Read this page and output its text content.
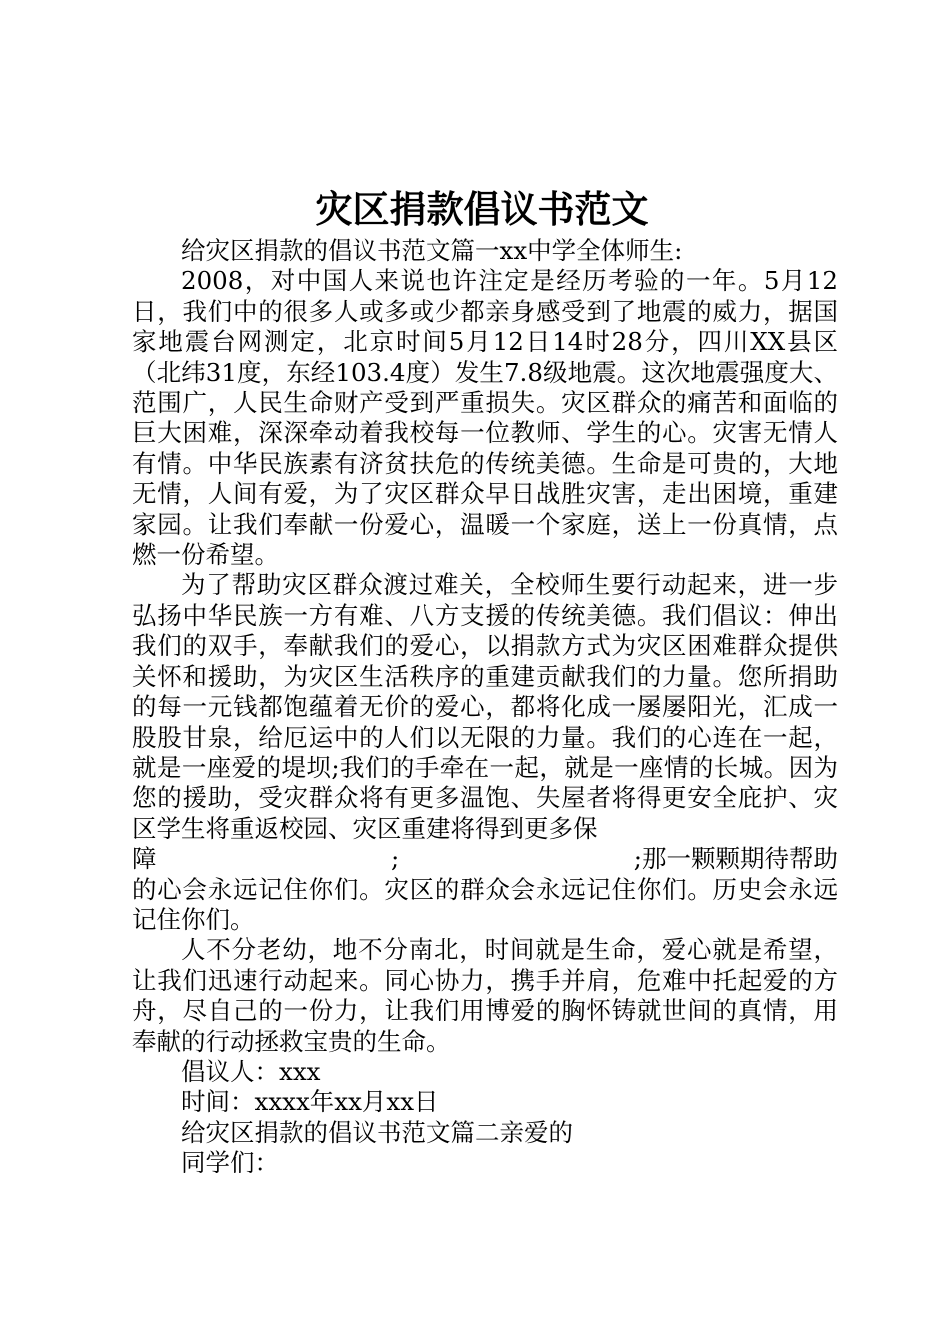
灾区捐款倡议书范文

给灾区捐款的倡议书范文篇一xx中学全体师生:

2008，对中国人来说也许注定是经历考验的一年。5月12日，我们中的很多人或多或少都亲身感受到了地震的威力，据国家地震台网测定，北京时间5月12日14时28分，四川XX县区（北纬31度，东经103.4度）发生7.8级地震。这次地震强度大、范围广，人民生命财产受到严重损失。灾区群众的痛苦和面临的巨大困难，深深牵动着我校每一位教师、学生的心。灾害无情人有情。中华民族素有济贫扶危的传统美德。生命是可贵的，大地无情，人间有爱，为了灾区群众早日战胜灾害，走出困境，重建家园。让我们奉献一份爱心，温暖一个家庭，送上一份真情，点燃一份希望。

为了帮助灾区群众渡过难关，全校师生要行动起来，进一步弘扬中华民族一方有难、八方支援的传统美德。我们倡议：伸出我们的双手，奉献我们的爱心，以捐款方式为灾区困难群众提供关怀和援助，为灾区生活秩序的重建贡献我们的力量。您所捐助的每一元钱都饱蕴着无价的爱心，都将化成一屡屡阳光，汇成一股股甘泉，给厄运中的人们以无限的力量。我们的心连在一起，就是一座爱的堤坝;我们的手牵在一起，就是一座情的长城。因为您的援助，受灾群众将有更多温饱、失屋者将得更安全庇护、灾区学生将重返校园、灾区重建将得到更多保

障	;	;那一颗颗期待帮助

的心会永远记住你们。灾区的群众会永远记住你们。历史会永远记住你们。

人不分老幼，地不分南北，时间就是生命，爱心就是希望，让我们迅速行动起来。同心协力，携手并肩，危难中托起爱的方舟，尽自己的一份力，让我们用博爱的胸怀铸就世间的真情，用奉献的行动拯救宝贵的生命。

倡议人：xxx

时间：xxxx年xx月xx日

给灾区捐款的倡议书范文篇二亲爱的

同学们：
